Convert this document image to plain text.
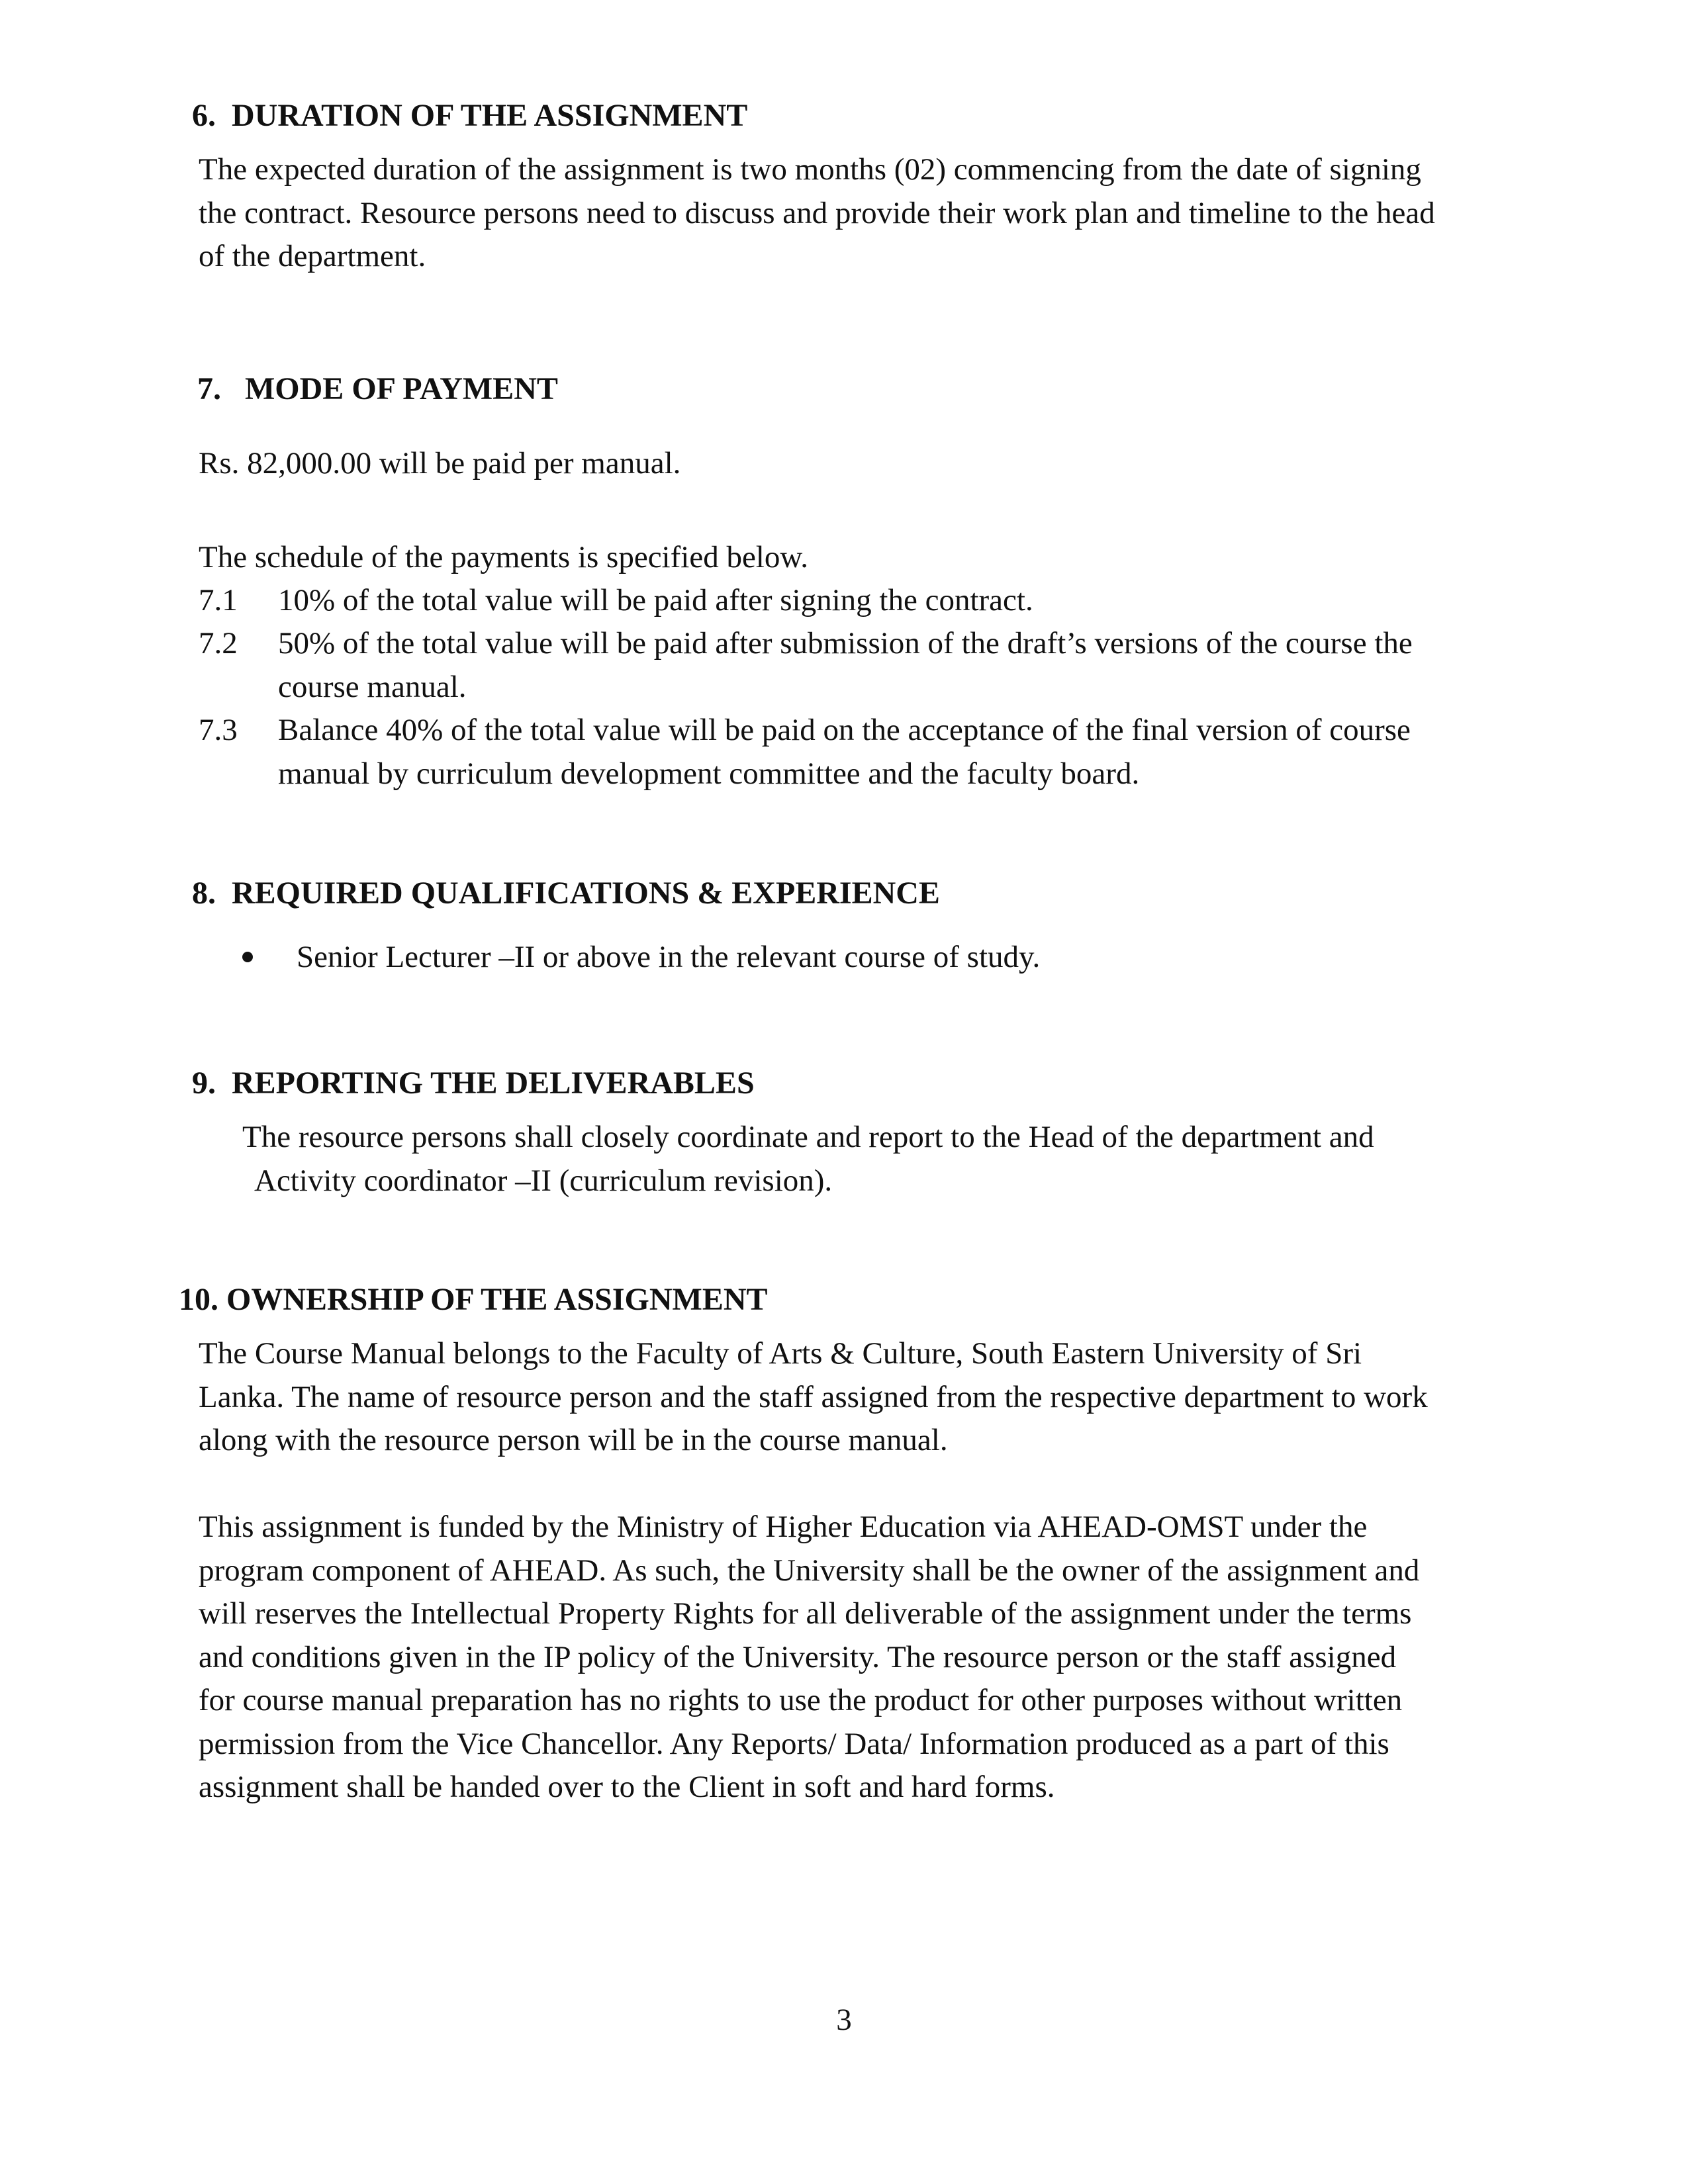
6. DURATION OF THE ASSIGNMENT
The expected duration of the assignment is two months (02) commencing from the date of signing
the contract. Resource persons need to discuss and provide their work plan and timeline to the head
of the department.
7. MODE OF PAYMENT
Rs. 82,000.00 will be paid per manual.
The schedule of the payments is specified below.
7.1 10% of the total value will be paid after signing the contract.
7.2 50% of the total value will be paid after submission of the draft’s versions of the course the
course manual.
7.3 Balance 40% of the total value will be paid on the acceptance of the final version of course
manual by curriculum development committee and the faculty board.
8. REQUIRED QUALIFICATIONS & EXPERIENCE
Senior Lecturer –II or above in the relevant course of study.
9. REPORTING THE DELIVERABLES
The resource persons shall closely coordinate and report to the Head of the department and
Activity coordinator –II (curriculum revision).
10. OWNERSHIP OF THE ASSIGNMENT
The Course Manual belongs to the Faculty of Arts & Culture, South Eastern University of Sri
Lanka. The name of resource person and the staff assigned from the respective department to work
along with the resource person will be in the course manual.
This assignment is funded by the Ministry of Higher Education via AHEAD-OMST under the
program component of AHEAD. As such, the University shall be the owner of the assignment and
will reserves the Intellectual Property Rights for all deliverable of the assignment under the terms
and conditions given in the IP policy of the University. The resource person or the staff assigned
for course manual preparation has no rights to use the product for other purposes without written
permission from the Vice Chancellor. Any Reports/ Data/ Information produced as a part of this
assignment shall be handed over to the Client in soft and hard forms.
3
